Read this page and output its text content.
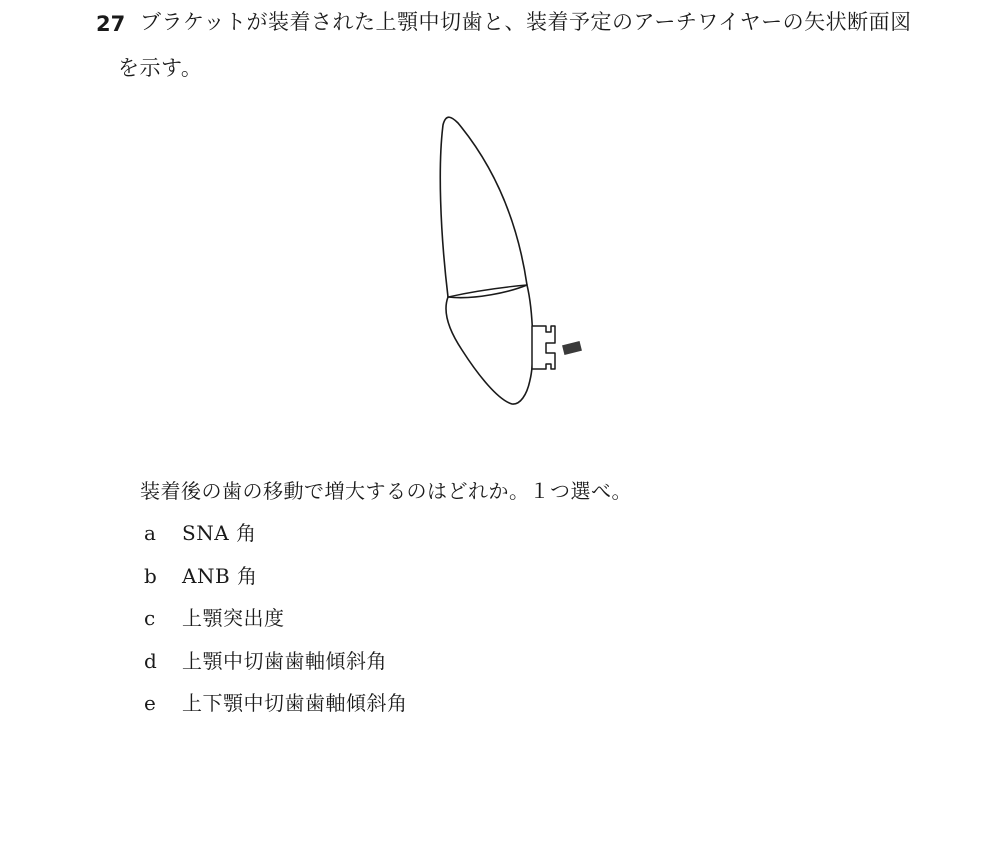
27 ブラケットが装着された上顎中切歯と、装着予定のアーチワイヤーの矢状断面図
を示す。
装着後の歯の移動で増大するのはどれか。１つ選べ。
a SNA 角
b ANB 角
c 上顎突出度
d 上顎中切歯歯軸傾斜角
e 上下顎中切歯歯軸傾斜角
